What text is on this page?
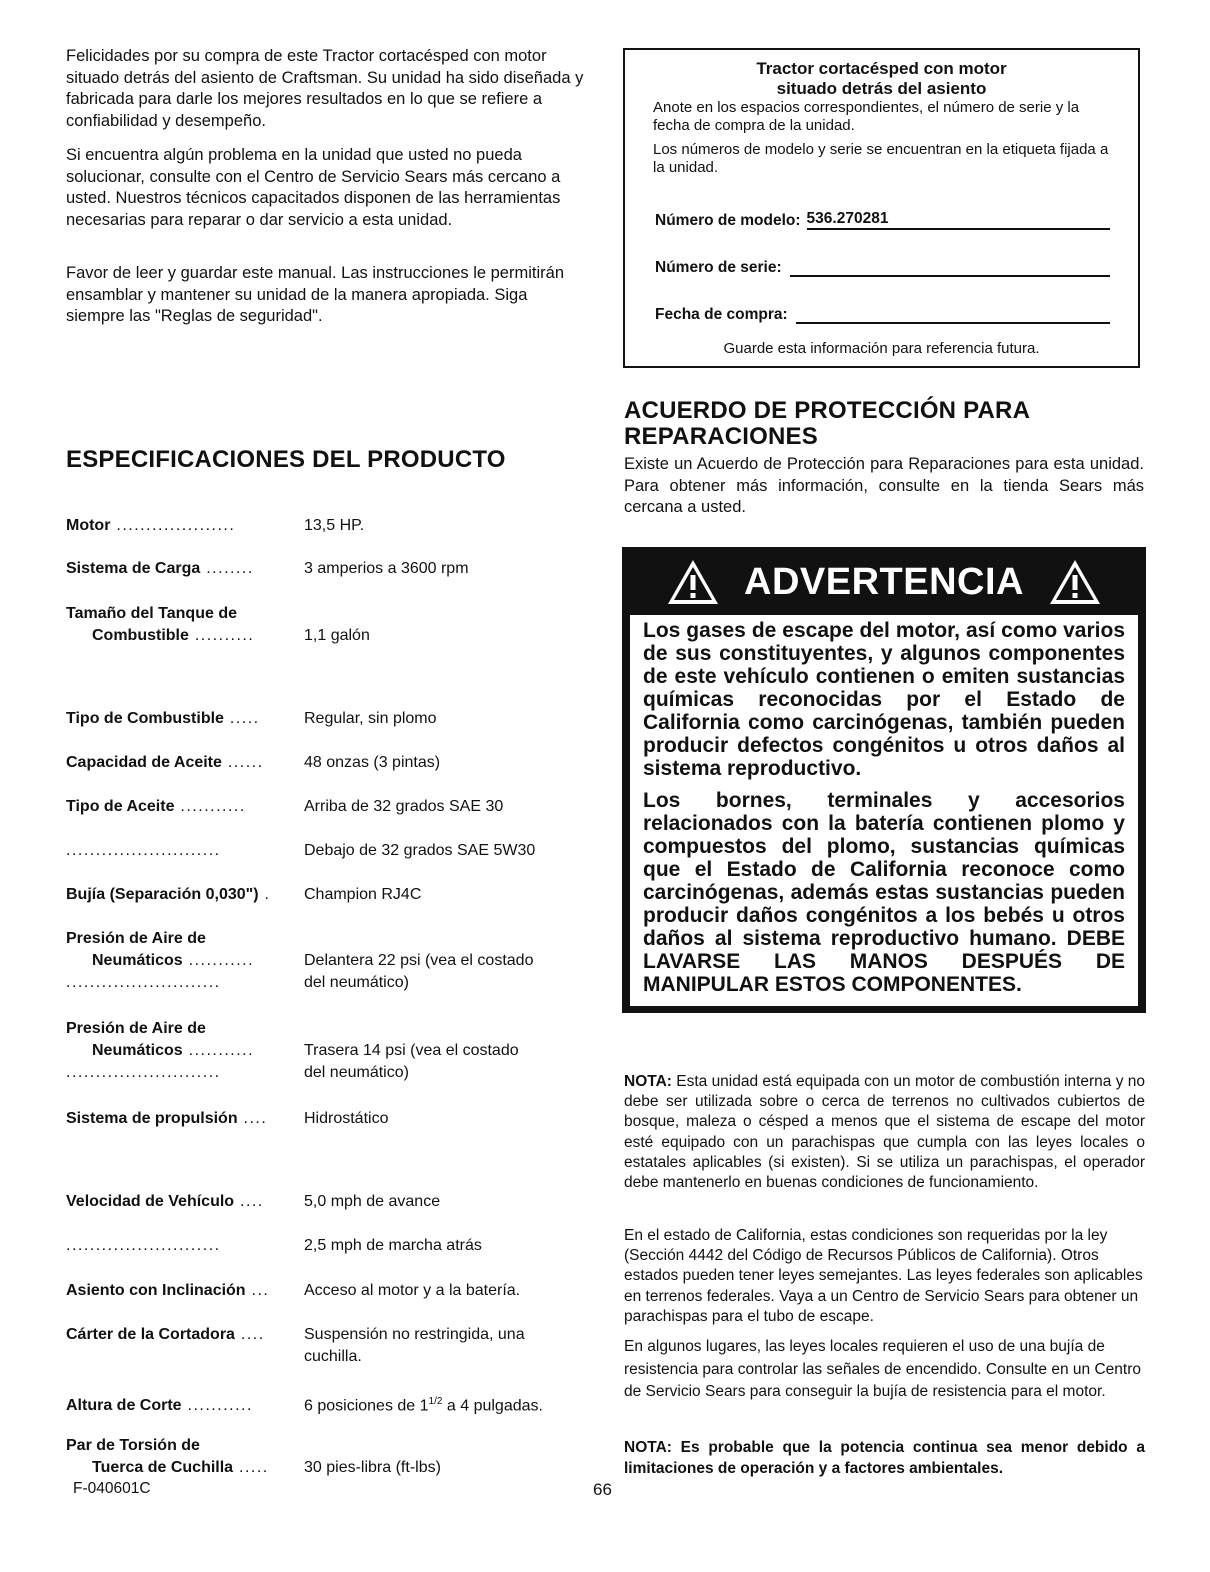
Felicidades por su compra de este Tractor cortacésped con motor situado detrás del asiento de Craftsman. Su unidad ha sido diseñada y fabricada para darle los mejores resultados en lo que se refiere a confiabilidad y desempeño.

Si encuentra algún problema en la unidad que usted no pueda solucionar, consulte con el Centro de Servicio Sears más cercano a usted. Nuestros técnicos capacitados disponen de las herramientas necesarias para reparar o dar servicio a esta unidad.

Favor de leer y guardar este manual. Las instrucciones le permitirán ensamblar y mantener su unidad de la manera apropiada. Siga siempre las "Reglas de seguridad".

Tractor cortacésped con motor
situado detrás del asiento
Anote en los espacios correspondientes, el número de serie y la fecha de compra de la unidad.
Los números de modelo y serie se encuentran en la etiqueta fijada a la unidad.
Número de modelo: 536.270281
Número de serie:
Fecha de compra:
Guarde esta información para referencia futura.
ESPECIFICACIONES DEL PRODUCTO
Motor ....................	13,5 HP.
Sistema de Carga ........	3 amperios a 3600 rpm
Tamaño del Tanque de
Combustible ..........	1,1 galón
Tipo de Combustible .....	Regular, sin plomo
Capacidad de Aceite ......	48 onzas (3 pintas)
Tipo de Aceite ...........	Arriba de 32 grados SAE 30
..........................	Debajo de 32 grados SAE 5W30
Bujía (Separación 0,030") .	Champion RJ4C
Presión de Aire de
Neumáticos ...........	Delantera 22 psi (vea el costado
..........................	del neumático)
Presión de Aire de
Neumáticos ...........	Trasera 14 psi (vea el costado
..........................	del neumático)
Sistema de propulsión ....	Hidrostático
Velocidad de Vehículo ....	5,0 mph de avance
..........................	2,5 mph de marcha atrás
Asiento con Inclinación ...	Acceso al motor y a la batería.
Cárter de la Cortadora ....	Suspensión no restringida, una
cuchilla.
Altura de Corte ...........	6 posiciones de $1^{1/2}$ a 4 pulgadas.
Par de Torsión de
Tuerca de Cuchilla .....	30 pies-libra (ft-lbs)
ACUERDO DE PROTECCIÓN PARA
REPARACIONES

Existe un Acuerdo de Protección para Reparaciones para esta unidad. Para obtener más información, consulte en la tienda Sears más cercana a usted.

ADVERTENCIA

Los gases de escape del motor, así como varios de sus constituyentes, y algunos componentes de este vehículo contienen o emiten sustancias químicas reconocidas por el Estado de California como carcinógenas, también pueden producir defectos congénitos u otros daños al sistema reproductivo.

Los bornes, terminales y accesorios relacionados con la batería contienen plomo y compuestos del plomo, sustancias químicas que el Estado de California reconoce como carcinógenas, además estas sustancias pueden producir daños congénitos a los bebés u otros daños al sistema reproductivo humano. DEBE LAVARSE LAS MANOS DESPUÉS DE MANIPULAR ESTOS COMPONENTES.

NOTA: Esta unidad está equipada con un motor de combustión interna y no debe ser utilizada sobre o cerca de terrenos no cultivados cubiertos de bosque, maleza o césped a menos que el sistema de escape del motor esté equipado con un parachispas que cumpla con las leyes locales o estatales aplicables (si existen). Si se utiliza un parachispas, el operador debe mantenerlo en buenas condiciones de funcionamiento.

En el estado de California, estas condiciones son requeridas por la ley (Sección 4442 del Código de Recursos Públicos de California). Otros estados pueden tener leyes semejantes. Las leyes federales son aplicables en terrenos federales. Vaya a un Centro de Servicio Sears para obtener un parachispas para el tubo de escape.

En algunos lugares, las leyes locales requieren el uso de una bujía de resistencia para controlar las señales de encendido. Consulte en un Centro de Servicio Sears para conseguir la bujía de resistencia para el motor.

NOTA: Es probable que la potencia continua sea menor debido a limitaciones de operación y a factores ambientales.

F-040601C	66
